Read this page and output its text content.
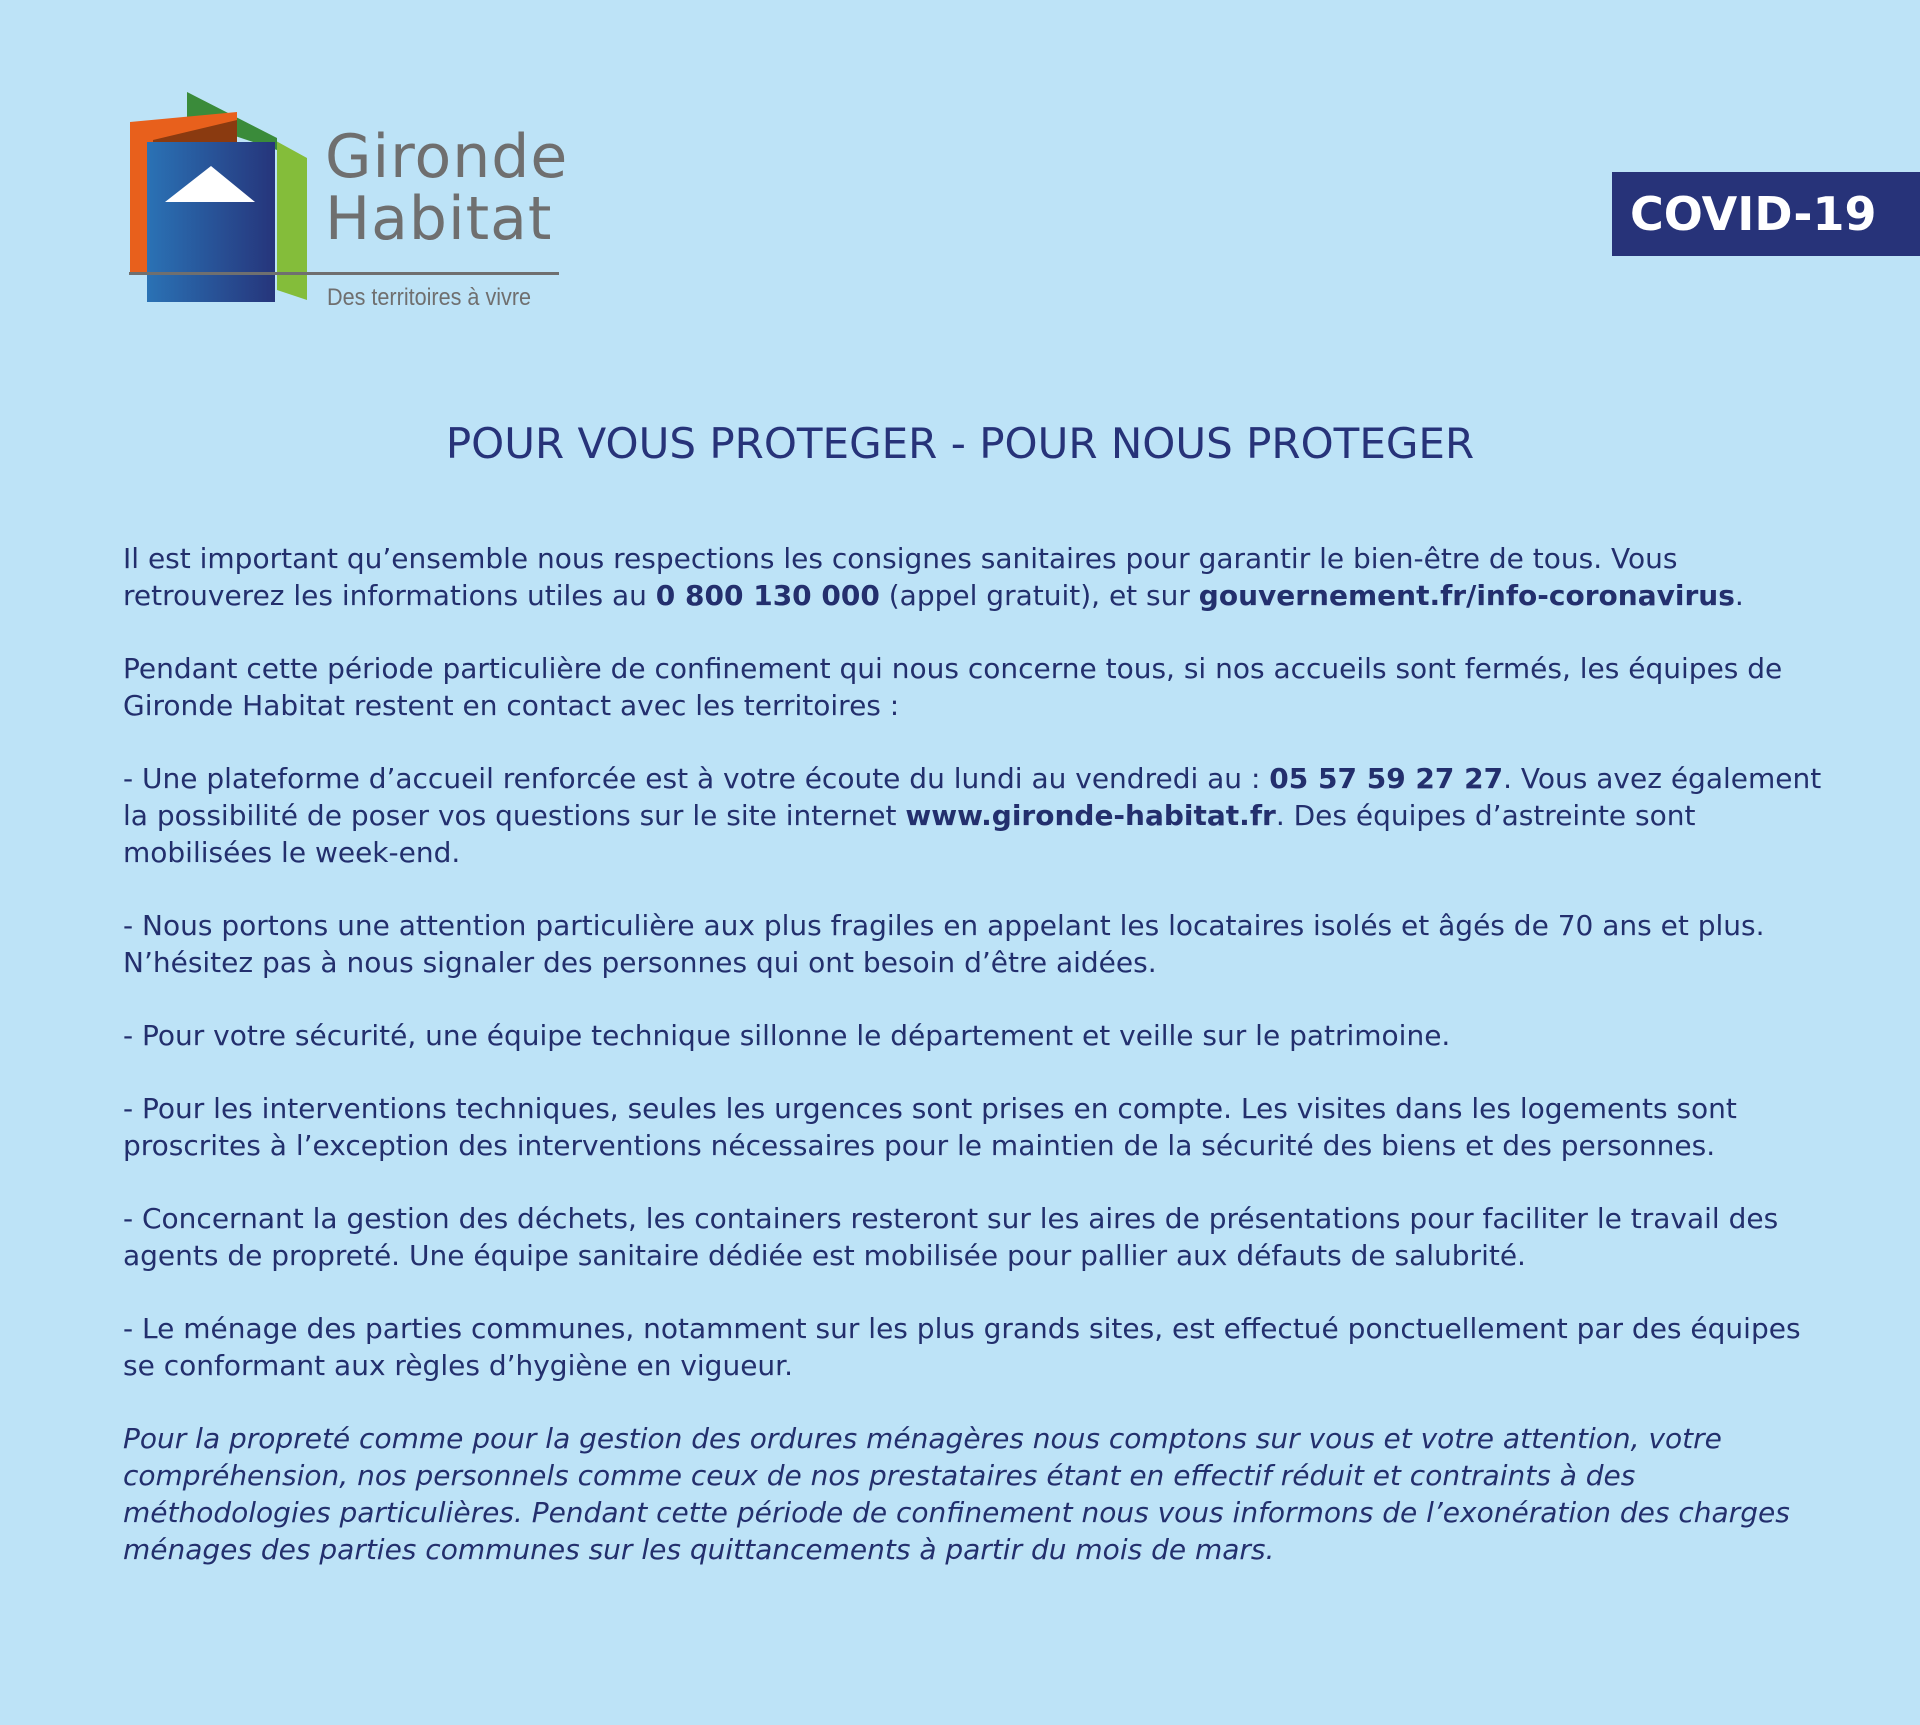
Gironde
Habitat
Des territoires à vivre
COVID-19
POUR VOUS PROTEGER - POUR NOUS PROTEGER

Il est important qu’ensemble nous respections les consignes sanitaires pour garantir le bien-être de tous. Vous retrouverez les informations utiles au 0 800 130 000 (appel gratuit), et sur gouvernement.fr/info-coronavirus.

Pendant cette période particulière de confinement qui nous concerne tous, si nos accueils sont fermés, les équipes de Gironde Habitat restent en contact avec les territoires :

- Une plateforme d’accueil renforcée est à votre écoute du lundi au vendredi au : 05 57 59 27 27. Vous avez également la possibilité de poser vos questions sur le site internet www.gironde-habitat.fr. Des équipes d’astreinte sont mobilisées le week-end.

- Nous portons une attention particulière aux plus fragiles en appelant les locataires isolés et âgés de 70 ans et plus. N’hésitez pas à nous signaler des personnes qui ont besoin d’être aidées.

- Pour votre sécurité, une équipe technique sillonne le département et veille sur le patrimoine.

- Pour les interventions techniques, seules les urgences sont prises en compte. Les visites dans les logements sont proscrites à l’exception des interventions nécessaires pour le maintien de la sécurité des biens et des personnes.

- Concernant la gestion des déchets, les containers resteront sur les aires de présentations pour faciliter le travail des agents de propreté. Une équipe sanitaire dédiée est mobilisée pour pallier aux défauts de salubrité.

- Le ménage des parties communes, notamment sur les plus grands sites, est effectué ponctuellement par des équipes se conformant aux règles d’hygiène en vigueur.

Pour la propreté comme pour la gestion des ordures ménagères nous comptons sur vous et votre attention, votre compréhension, nos personnels comme ceux de nos prestataires étant en effectif réduit et contraints à des méthodologies particulières. Pendant cette période de confinement nous vous informons de l’exonération des charges ménages des parties communes sur les quittancements à partir du mois de mars.
